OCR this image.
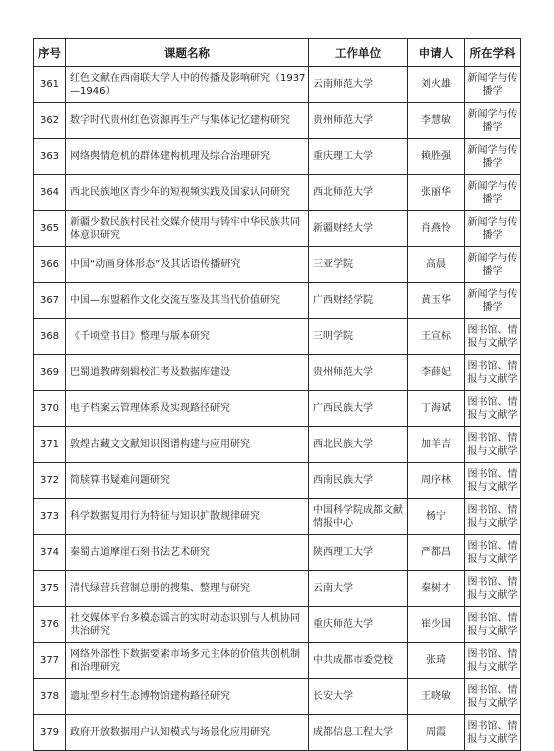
序号	课题名称	工作单位	申请人	所在学科
361	红色文献在西南联大学人中的传播及影响研究（1937—1946）	云南师范大学	刘火雄	新闻学与传播学
362	数字时代贵州红色资源再生产与集体记忆建构研究	贵州师范大学	李慧敏	新闻学与传播学
363	网络舆情危机的群体建构机理及综合治理研究	重庆理工大学	赖胜强	新闻学与传播学
364	西北民族地区青少年的短视频实践及国家认同研究	西北师范大学	张丽华	新闻学与传播学
365	新疆少数民族村民社交媒介使用与铸牢中华民族共同体意识研究	新疆财经大学	肖燕怜	新闻学与传播学
366	中国“动画身体形态”及其话语传播研究	三亚学院	高晨	新闻学与传播学
367	中国—东盟稻作文化交流互鉴及其当代价值研究	广西财经学院	黄玉华	新闻学与传播学
368	《千顷堂书目》整理与版本研究	三明学院	王宣标	图书馆、情报与文献学
369	巴蜀道教碑刻辑校汇考及数据库建设	贵州师范大学	李薛妃	图书馆、情报与文献学
370	电子档案云管理体系及实现路径研究	广西民族大学	丁海斌	图书馆、情报与文献学
371	敦煌古藏文文献知识图谱构建与应用研究	西北民族大学	加羊吉	图书馆、情报与文献学
372	简牍算书疑难问题研究	西南民族大学	周序林	图书馆、情报与文献学
373	科学数据复用行为特征与知识扩散规律研究	中国科学院成都文献情报中心	杨宁	图书馆、情报与文献学
374	秦蜀古道摩崖石刻书法艺术研究	陕西理工大学	严都昌	图书馆、情报与文献学
375	清代绿营兵营制总册的搜集、整理与研究	云南大学	秦树才	图书馆、情报与文献学
376	社交媒体平台多模态谣言的实时动态识别与人机协同共治研究	重庆师范大学	崔少国	图书馆、情报与文献学
377	网络外部性下数据要素市场多元主体的价值共创机制和治理研究	中共成都市委党校	张琦	图书馆、情报与文献学
378	遗址型乡村生态博物馆建构路径研究	长安大学	王晓敏	图书馆、情报与文献学
379	政府开放数据用户认知模式与场景化应用研究	成都信息工程大学	周霞	图书馆、情报与文献学
